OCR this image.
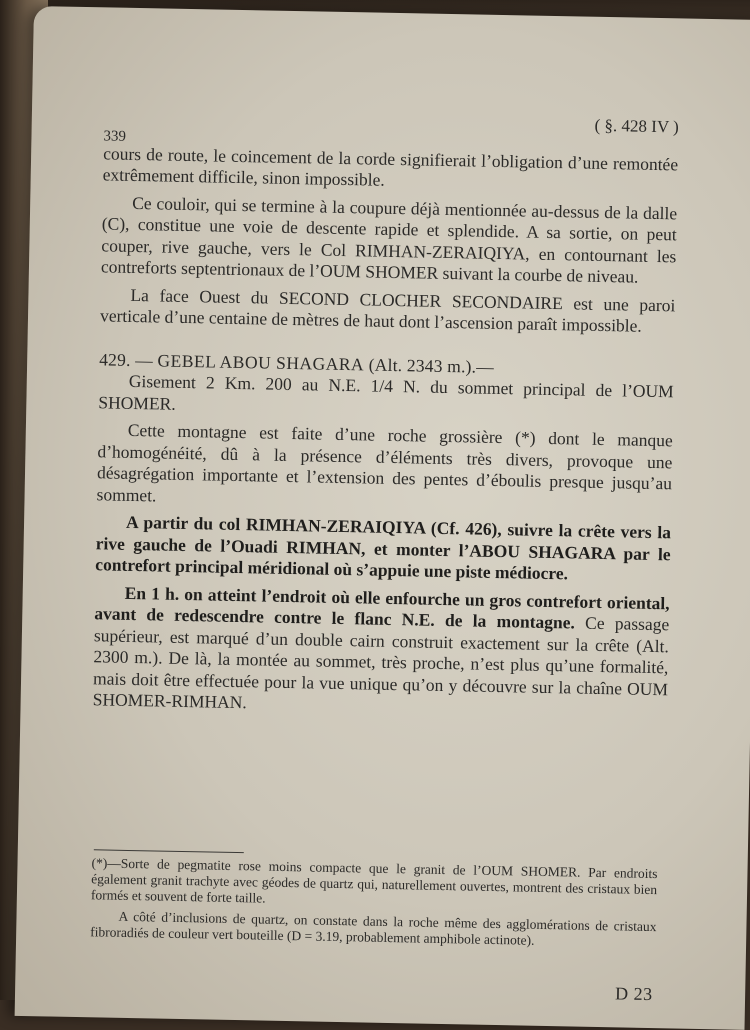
( §. 428 IV )
339

cours de route, le coincement de la corde signifierait l’obligation d’une remontée extrêmement difficile, sinon impossible.

Ce couloir, qui se termine à la coupure déjà mentionnée au-dessus de la dalle (C), constitue une voie de descente rapide et splendide. A sa sortie, on peut couper, rive gauche, vers le Col RIMHAN-ZERAIQIYA, en contournant les contreforts septentrionaux de l’OUM SHOMER suivant la courbe de niveau.

La face Ouest du SECOND CLOCHER SECONDAIRE est une paroi verticale d’une centaine de mètres de haut dont l’ascension paraît impossible.

429. — GEBEL ABOU SHAGARA (Alt. 2343 m.).—

Gisement 2 Km. 200 au N.E. 1/4 N. du sommet principal de l’OUM SHOMER.

Cette montagne est faite d’une roche grossière (*) dont le manque d’homogénéité, dû à la présence d’éléments très divers, provoque une désagrégation importante et l’extension des pentes d’éboulis presque jusqu’au sommet.

A partir du col RIMHAN-ZERAIQIYA (Cf. 426), suivre la crête vers la rive gauche de l’Ouadi RIMHAN, et monter l’ABOU SHAGARA par le contrefort principal méridional où s’appuie une piste médiocre.

En 1 h. on atteint l’endroit où elle enfourche un gros contrefort oriental, avant de redescendre contre le flanc N.E. de la montagne. Ce passage supérieur, est marqué d’un double cairn construit exactement sur la crête (Alt. 2300 m.). De là, la montée au sommet, très proche, n’est plus qu’une formalité, mais doit être effectuée pour la vue unique qu’on y découvre sur la chaîne OUM SHOMER-RIMHAN.

(*)—Sorte de pegmatite rose moins compacte que le granit de l’OUM SHOMER. Par endroits également granit trachyte avec géodes de quartz qui, naturellement ouvertes, montrent des cristaux bien formés et souvent de forte taille.

A côté d’inclusions de quartz, on constate dans la roche même des agglomérations de cristaux fibroradiés de couleur vert bouteille (D = 3.19, probablement amphibole actinote).

D 23
